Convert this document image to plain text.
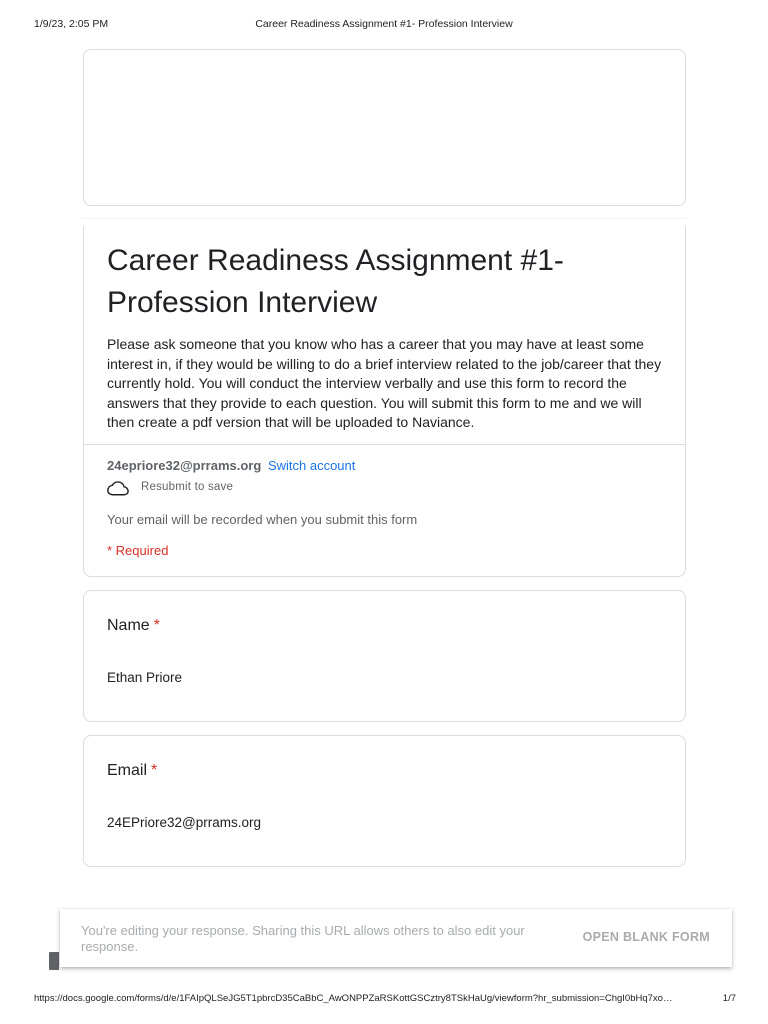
1/9/23, 2:05 PM	Career Readiness Assignment #1- Profession Interview
Career Readiness Assignment #1- Profession Interview
Please ask someone that you know who has a career that you may have at least some interest in, if they would be willing to do a brief interview related to the job/career that they currently hold. You will conduct the interview verbally and use this form to record the answers that they provide to each question. You will submit this form to me and we will then create a pdf version that will be uploaded to Naviance.
24epriore32@prrams.org Switch account
Resubmit to save
Your email will be recorded when you submit this form
* Required
Name *
Ethan Priore
Email *
24EPriore32@prrams.org
You're editing your response. Sharing this URL allows others to also edit your response.
OPEN BLANK FORM
https://docs.google.com/forms/d/e/1FAIpQLSeJG5T1pbrcD35CaBbC_AwONPPZaRSKottGSCztry8TSkHaUg/viewform?hr_submission=ChgI0bHq7xo…	1/7
